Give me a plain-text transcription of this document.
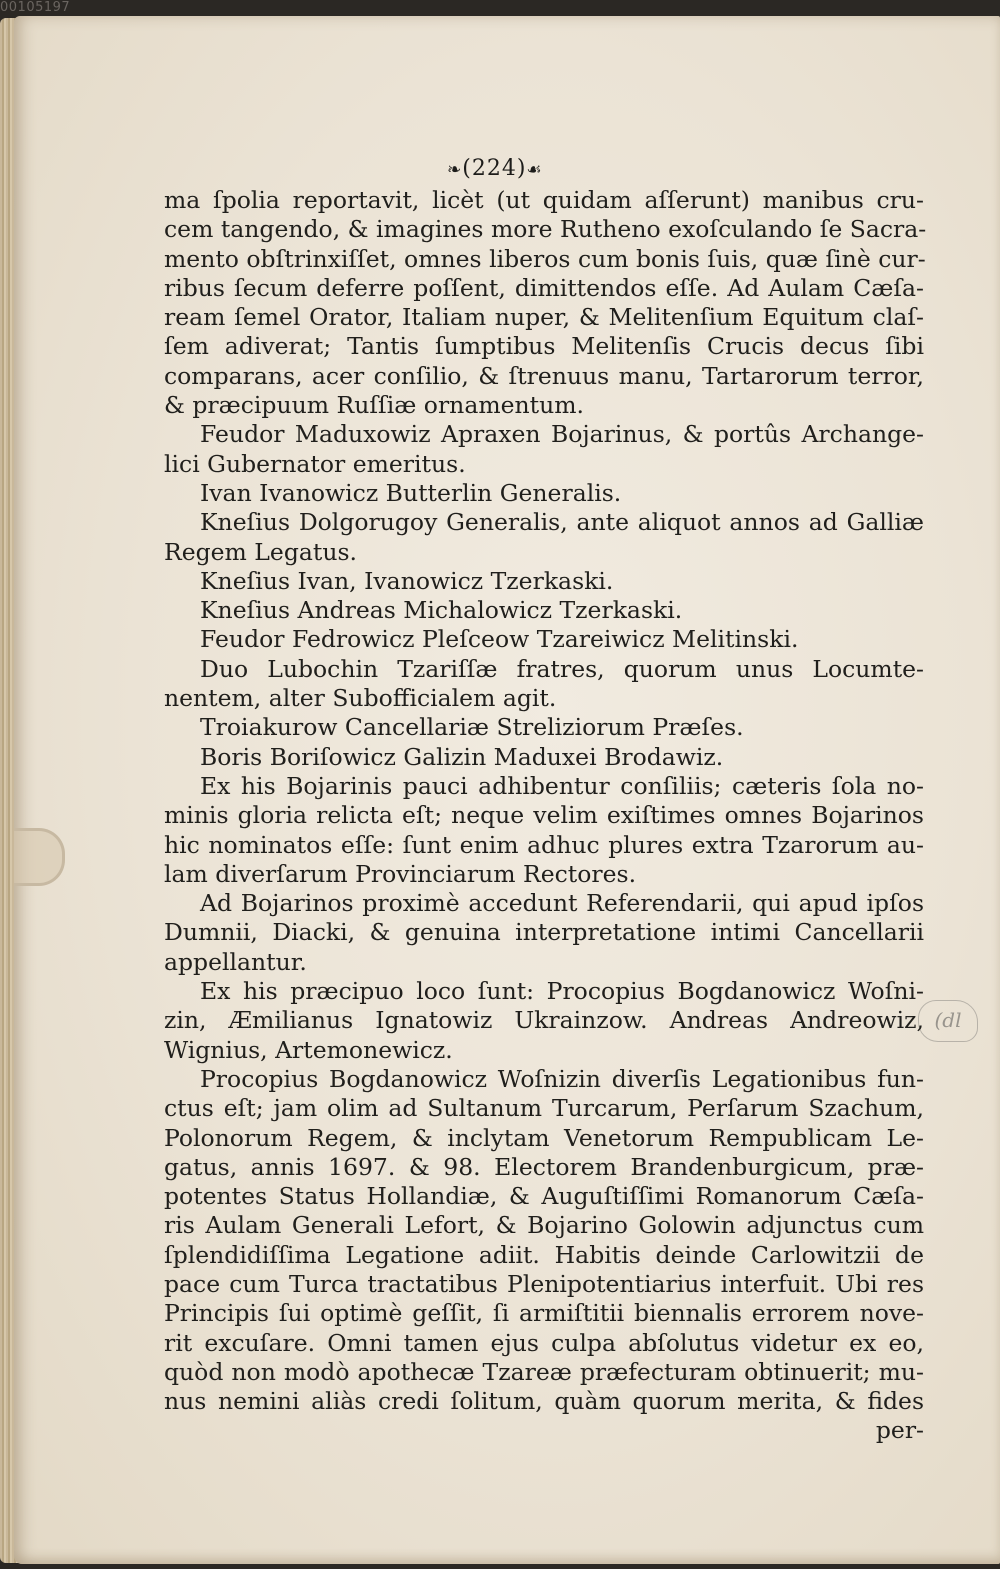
00105197
❧(224)☙
ma ſpolia reportavit, licèt (ut quidam aſſerunt) manibus cru-
cem tangendo, & imagines more Rutheno exoſculando ſe Sacra-
mento obſtrinxiſſet, omnes liberos cum bonis ſuis, quæ ſinè cur-
ribus ſecum deferre poſſent, dimittendos eſſe. Ad Aulam Cæſa-
ream ſemel Orator, Italiam nuper, & Melitenſium Equitum claſ-
ſem adiverat; Tantis ſumptibus Melitenſis Crucis decus ſibi
comparans, acer conſilio, & ſtrenuus manu, Tartarorum terror,
& præcipuum Ruſſiæ ornamentum.
Feudor Maduxowiz Apraxen Bojarinus, & portûs Archange-
lici Gubernator emeritus.
Ivan Ivanowicz Butterlin Generalis.
Kneſius Dolgorugoy Generalis, ante aliquot annos ad Galliæ
Regem Legatus.
Kneſius Ivan, Ivanowicz Tzerkaski.
Kneſius Andreas Michalowicz Tzerkaski.
Feudor Fedrowicz Pleſceow Tzareiwicz Melitinski.
Duo Lubochin Tzariſſæ fratres, quorum unus Locumte-
nentem, alter Subofficialem agit.
Troiakurow Cancellariæ Streliziorum Præſes.
Boris Boriſowicz Galizin Maduxei Brodawiz.
Ex his Bojarinis pauci adhibentur conſiliis; cæteris ſola no-
minis gloria relicta eſt; neque velim exiſtimes omnes Bojarinos
hic nominatos eſſe: ſunt enim adhuc plures extra Tzarorum au-
lam diverſarum Provinciarum Rectores.
Ad Bojarinos proximè accedunt Referendarii, qui apud ipſos
Dumnii, Diacki, & genuina interpretatione intimi Cancellarii
appellantur.
Ex his præcipuo loco ſunt: Procopius Bogdanowicz Woſni-
zin, Æmilianus Ignatowiz Ukrainzow. Andreas Andreowiz,
Wignius, Artemonewicz.
Procopius Bogdanowicz Woſnizin diverſis Legationibus fun-
ctus eſt; jam olim ad Sultanum Turcarum, Perſarum Szachum,
Polonorum Regem, & inclytam Venetorum Rempublicam Le-
gatus, annis 1697. & 98. Electorem Brandenburgicum, præ-
potentes Status Hollandiæ, & Auguſtiſſimi Romanorum Cæſa-
ris Aulam Generali Lefort, & Bojarino Golowin adjunctus cum
ſplendidiſſima Legatione adiit. Habitis deinde Carlowitzii de
pace cum Turca tractatibus Plenipotentiarius interfuit. Ubi res
Principis ſui optimè geſſit, ſi armiſtitii biennalis errorem nove-
rit excuſare. Omni tamen ejus culpa abſolutus videtur ex eo,
quòd non modò apothecæ Tzareæ præfecturam obtinuerit; mu-
nus nemini aliàs credi ſolitum, quàm quorum merita, & fides
per-
(dl
